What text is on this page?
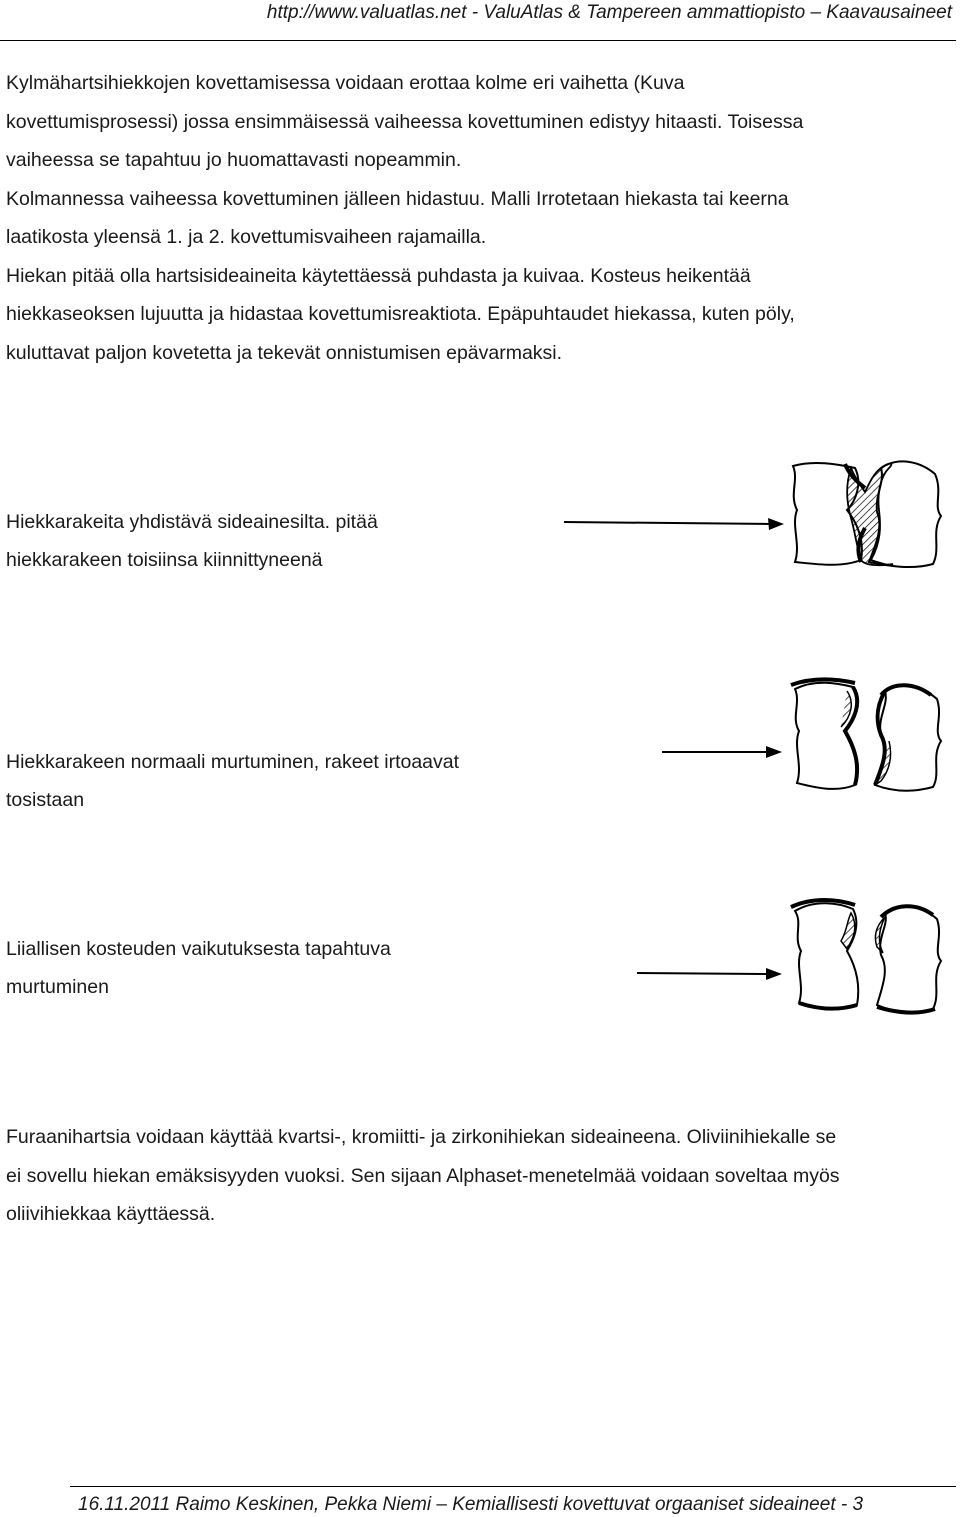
http://www.valuatlas.net - ValuAtlas & Tampereen ammattiopisto – Kaavausaineet

Kylmähartsihiekkojen kovettamisessa voidaan erottaa kolme eri vaihetta (Kuva

kovettumisprosessi) jossa ensimmäisessä vaiheessa kovettuminen edistyy hitaasti. Toisessa

vaiheessa se tapahtuu jo huomattavasti nopeammin.

Kolmannessa vaiheessa kovettuminen jälleen hidastuu. Malli Irrotetaan hiekasta tai keerna

laatikosta yleensä 1. ja 2. kovettumisvaiheen rajamailla.

Hiekan pitää olla hartsisideaineita käytettäessä puhdasta ja kuivaa. Kosteus heikentää

hiekkaseoksen lujuutta ja hidastaa kovettumisreaktiota. Epäpuhtaudet hiekassa, kuten pöly,

kuluttavat paljon kovetetta ja tekevät onnistumisen epävarmaksi.

Hiekkarakeita yhdistävä sideainesilta. pitää

hiekkarakeen toisiinsa kiinnittyneenä

Hiekkarakeen normaali murtuminen, rakeet irtoaavat

tosistaan

Liiallisen kosteuden vaikutuksesta tapahtuva

murtuminen

Furaanihartsia voidaan käyttää kvartsi-, kromiitti- ja zirkonihiekan sideaineena. Oliviinihiekalle se

ei sovellu hiekan emäksisyyden vuoksi. Sen sijaan Alphaset-menetelmää voidaan soveltaa myös

oliivihiekkaa käyttäessä.

16.11.2011 Raimo Keskinen, Pekka Niemi – Kemiallisesti kovettuvat orgaaniset sideaineet - 3
